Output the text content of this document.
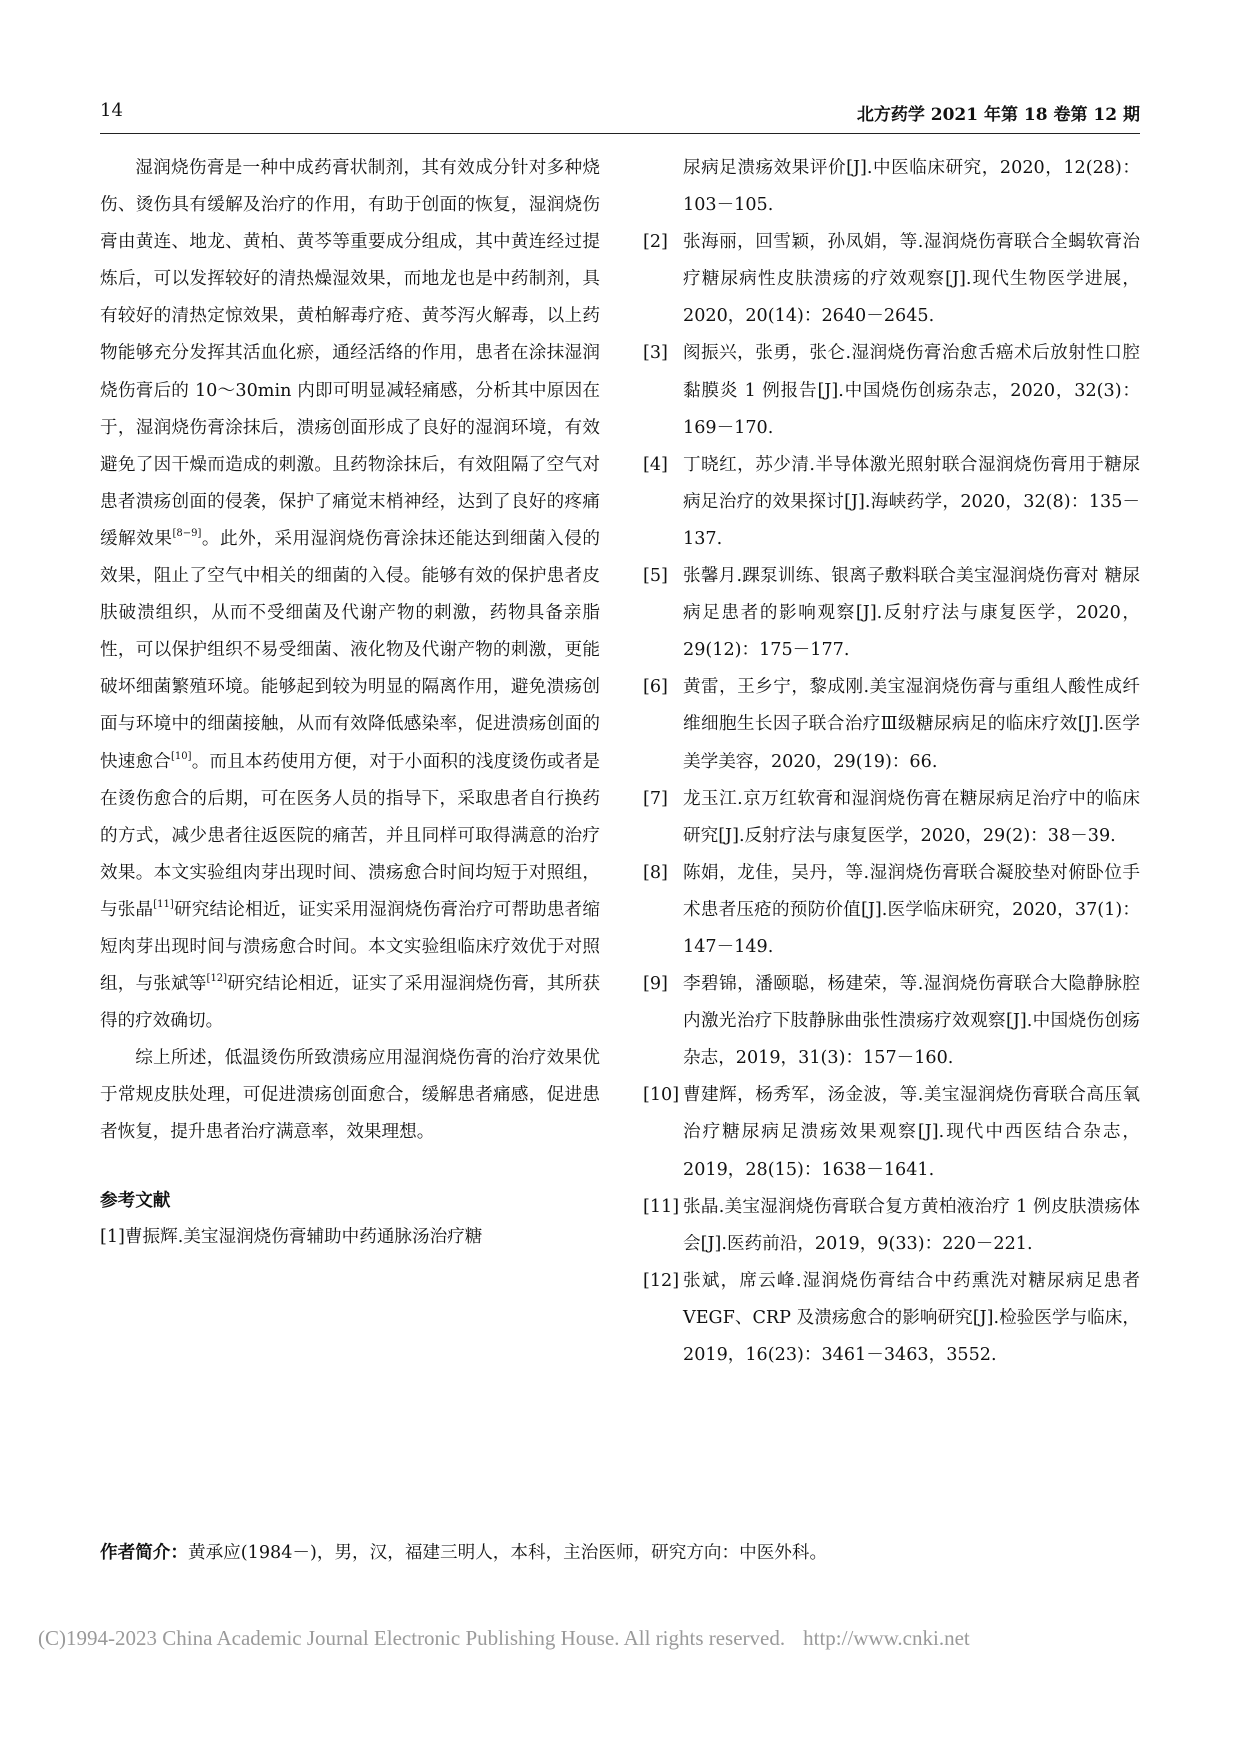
14	北方药学 2021 年第 18 卷第 12 期

湿润烧伤膏是一种中成药膏状制剂，其有效成分针对多种烧伤、烫伤具有缓解及治疗的作用，有助于创面的恢复，湿润烧伤膏由黄连、地龙、黄柏、黄芩等重要成分组成，其中黄连经过提炼后，可以发挥较好的清热燥湿效果，而地龙也是中药制剂，具有较好的清热定惊效果，黄柏解毒疗疮、黄芩泻火解毒，以上药物能够充分发挥其活血化瘀，通经活络的作用，患者在涂抹湿润烧伤膏后的 10～30min 内即可明显减轻痛感，分析其中原因在于，湿润烧伤膏涂抹后，溃疡创面形成了良好的湿润环境，有效避免了因干燥而造成的刺激。且药物涂抹后，有效阻隔了空气对患者溃疡创面的侵袭，保护了痛觉末梢神经，达到了良好的疼痛缓解效果[8−9]。此外，采用湿润烧伤膏涂抹还能达到细菌入侵的效果，阻止了空气中相关的细菌的入侵。能够有效的保护患者皮肤破溃组织，从而不受细菌及代谢产物的刺激，药物具备亲脂性，可以保护组织不易受细菌、液化物及代谢产物的刺激，更能破坏细菌繁殖环境。能够起到较为明显的隔离作用，避免溃疡创面与环境中的细菌接触，从而有效降低感染率，促进溃疡创面的快速愈合[10]。而且本药使用方便，对于小面积的浅度烫伤或者是在烫伤愈合的后期，可在医务人员的指导下，采取患者自行换药的方式，减少患者往返医院的痛苦，并且同样可取得满意的治疗效果。本文实验组肉芽出现时间、溃疡愈合时间均短于对照组，与张晶[11]研究结论相近，证实采用湿润烧伤膏治疗可帮助患者缩短肉芽出现时间与溃疡愈合时间。本文实验组临床疗效优于对照组，与张斌等[12]研究结论相近，证实了采用湿润烧伤膏，其所获得的疗效确切。

综上所述，低温烫伤所致溃疡应用湿润烧伤膏的治疗效果优于常规皮肤处理，可促进溃疡创面愈合，缓解患者痛感，促进患者恢复，提升患者治疗满意率，效果理想。

参考文献

[1]曹振辉.美宝湿润烧伤膏辅助中药通脉汤治疗糖

尿病足溃疡效果评价[J].中医临床研究，2020，12(28)：103－105.

[2] 张海丽，回雪颖，孙凤娟，等.湿润烧伤膏联合全蝎软膏治疗糖尿病性皮肤溃疡的疗效观察[J].现代生物医学进展，2020，20(14)：2640－2645.

[3] 阂振兴，张勇，张仑.湿润烧伤膏治愈舌癌术后放射性口腔黏膜炎 1 例报告[J].中国烧伤创疡杂志，2020，32(3)：169－170.

[4] 丁晓红，苏少清.半导体激光照射联合湿润烧伤膏用于糖尿病足治疗的效果探讨[J].海峡药学，2020，32(8)：135－137.

[5] 张馨月.踝泵训练、银离子敷料联合美宝湿润烧伤膏对 糖尿病足患者的影响观察[J].反射疗法与康复医学，2020，29(12)：175－177.

[6] 黄雷，王乡宁，黎成刚.美宝湿润烧伤膏与重组人酸性成纤维细胞生长因子联合治疗Ⅲ级糖尿病足的临床疗效[J].医学美学美容，2020，29(19)：66.

[7] 龙玉江.京万红软膏和湿润烧伤膏在糖尿病足治疗中的临床研究[J].反射疗法与康复医学，2020，29(2)：38－39.

[8] 陈娟，龙佳，吴丹，等.湿润烧伤膏联合凝胶垫对俯卧位手术患者压疮的预防价值[J].医学临床研究，2020，37(1)：147－149.

[9] 李碧锦，潘颐聪，杨建荣，等.湿润烧伤膏联合大隐静脉腔内激光治疗下肢静脉曲张性溃疡疗效观察[J].中国烧伤创疡杂志，2019，31(3)：157－160.

[10] 曹建辉，杨秀军，汤金波，等.美宝湿润烧伤膏联合高压氧治疗糖尿病足溃疡效果观察[J].现代中西医结合杂志，2019，28(15)：1638－1641.

[11] 张晶.美宝湿润烧伤膏联合复方黄柏液治疗 1 例皮肤溃疡体会[J].医药前沿，2019，9(33)：220－221.

[12] 张斌，席云峰.湿润烧伤膏结合中药熏洗对糖尿病足患者 VEGF、CRP 及溃疡愈合的影响研究[J].检验医学与临床，2019，16(23)：3461－3463，3552.

作者简介：黄承应(1984－)，男，汉，福建三明人，本科，主治医师，研究方向：中医外科。
(C)1994-2023 China Academic Journal Electronic Publishing House. All rights reserved. http://www.cnki.net
